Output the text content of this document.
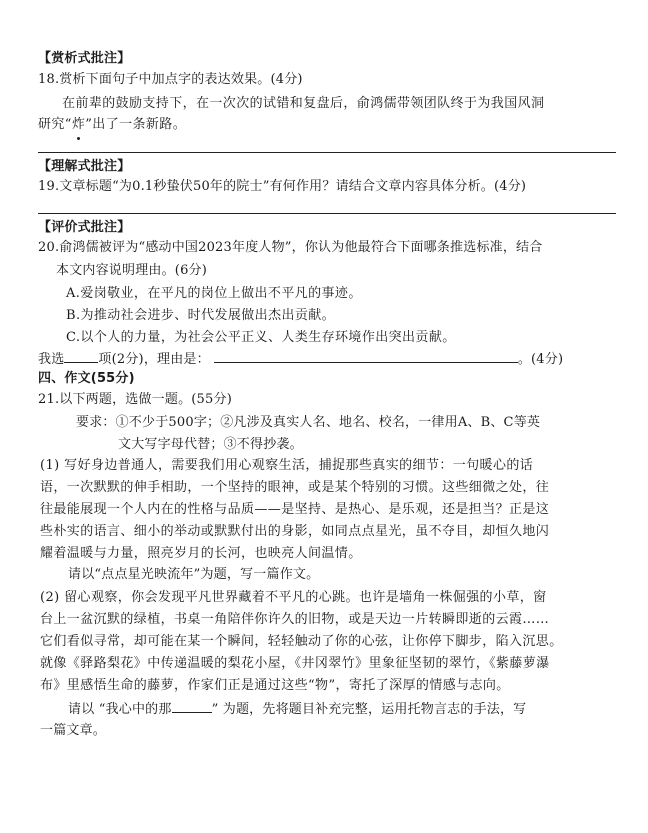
【赏析式批注】
18.赏析下面句子中加点字的表达效果。(4分)
在前辈的鼓励支持下，在一次次的试错和复盘后，俞鸿儒带领团队终于为我国风洞
研究“炸
”出了一条新路。
【理解式批注】
19.文章标题“为0.1秒蛰伏50年的院士”有何作用？请结合文章内容具体分析。(4分)
【评价式批注】
20.俞鸿儒被评为“感动中国2023年度人物”，你认为他最符合下面哪条推选标准，结合
本文内容说明理由。(6分)
A.爱岗敬业，在平凡的岗位上做出不平凡的事迹。
B.为推动社会进步、时代发展做出杰出贡献。
C.以个人的力量，为社会公平正义、人类生存环境作出突出贡献。
我选	项(2分)，理由是：	。(4分)
四、作文(55分)
21.以下两题，选做一题。(55分)
要求：①不少于500字；②凡涉及真实人名、地名、校名，一律用A、B、C等英
文大写字母代替；③不得抄袭。
(1) 写好身边普通人，需要我们用心观察生活，捕捉那些真实的细节：一句暖心的话
语，一次默默的伸手相助，一个坚持的眼神，或是某个特别的习惯。这些细微之处，往
往最能展现一个人内在的性格与品质——是坚持、是热心、是乐观，还是担当？正是这
些朴实的语言、细小的举动或默默付出的身影，如同点点星光，虽不夺目，却恒久地闪
耀着温暖与力量，照亮岁月的长河，也映亮人间温情。
请以“点点星光映流年”为题，写一篇作文。
(2) 留心观察，你会发现平凡世界藏着不平凡的心跳。也许是墙角一株倔强的小草，窗
台上一盆沉默的绿植，书桌一角陪伴你许久的旧物，或是天边一片转瞬即逝的云霞……
它们看似寻常，却可能在某一个瞬间，轻轻触动了你的心弦，让你停下脚步，陷入沉思。
就像《驿路梨花》中传递温暖的梨花小屋，《井冈翠竹》里象征坚韧的翠竹，《紫藤萝瀑
布》里感悟生命的藤萝，作家们正是通过这些“物”，寄托了深厚的情感与志向。
请以 “我心中的那	” 为题，先将题目补充完整，运用托物言志的手法，写
一篇文章。
